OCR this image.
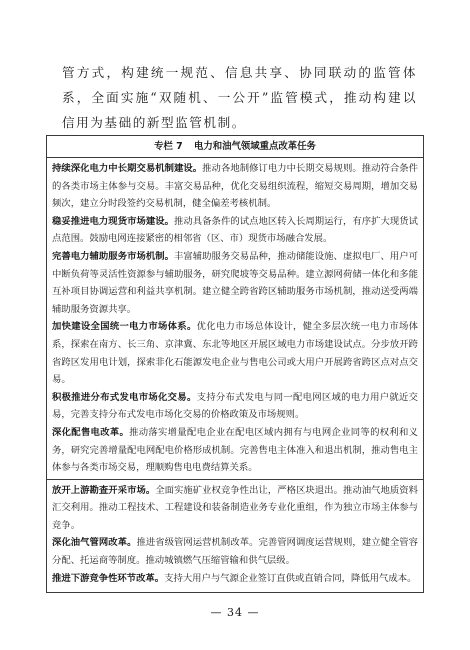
管方式，构建统一规范、信息共享、协同联动的监管体系，全面实施“双随机、一公开”监管模式，推动构建以信用为基础的新型监管机制。

专栏 7 电力和油气领域重点改革任务

持续深化电力中长期交易机制建设。推动各地制修订电力中长期交易规则。推动符合条件的各类市场主体参与交易。丰富交易品种，优化交易组织流程，缩短交易周期，增加交易频次，建立分时段签约交易机制，健全偏差考核机制。

稳妥推进电力现货市场建设。推动具备条件的试点地区转入长周期运行，有序扩大现货试点范围。鼓励电网连接紧密的相邻省（区、市）现货市场融合发展。

完善电力辅助服务市场机制。丰富辅助服务交易品种，推动储能设施、虚拟电厂、用户可中断负荷等灵活性资源参与辅助服务，研究爬坡等交易品种。建立源网荷储一体化和多能互补项目协调运营和利益共享机制。建立健全跨省跨区辅助服务市场机制，推动送受两端辅助服务资源共享。

加快建设全国统一电力市场体系。优化电力市场总体设计，健全多层次统一电力市场体系，探索在南方、长三角、京津冀、东北等地区开展区域电力市场建设试点。分步放开跨省跨区发用电计划，探索非化石能源发电企业与售电公司或大用户开展跨省跨区点对点交易。

积极推进分布式发电市场化交易。支持分布式发电与同一配电网区域的电力用户就近交易，完善支持分布式发电市场化交易的价格政策及市场规则。

深化配售电改革。推动落实增量配电企业在配电区域内拥有与电网企业同等的权利和义务，研究完善增量配电网配电价格形成机制。完善售电主体准入和退出机制，推动售电主体参与各类市场交易，理顺购售电电费结算关系。

放开上游勘查开采市场。全面实施矿业权竞争性出让，严格区块退出。推动油气地质资料汇交利用。推动工程技术、工程建设和装备制造业务专业化重组，作为独立市场主体参与竞争。

深化油气管网改革。推进省级管网运营机制改革。完善管网调度运营规则，建立健全管容分配、托运商等制度。推动城镇燃气压缩管输和供气层级。

推进下游竞争性环节改革。支持大用户与气源企业签订直供或直销合同，降低用气成本。

— 34 —
